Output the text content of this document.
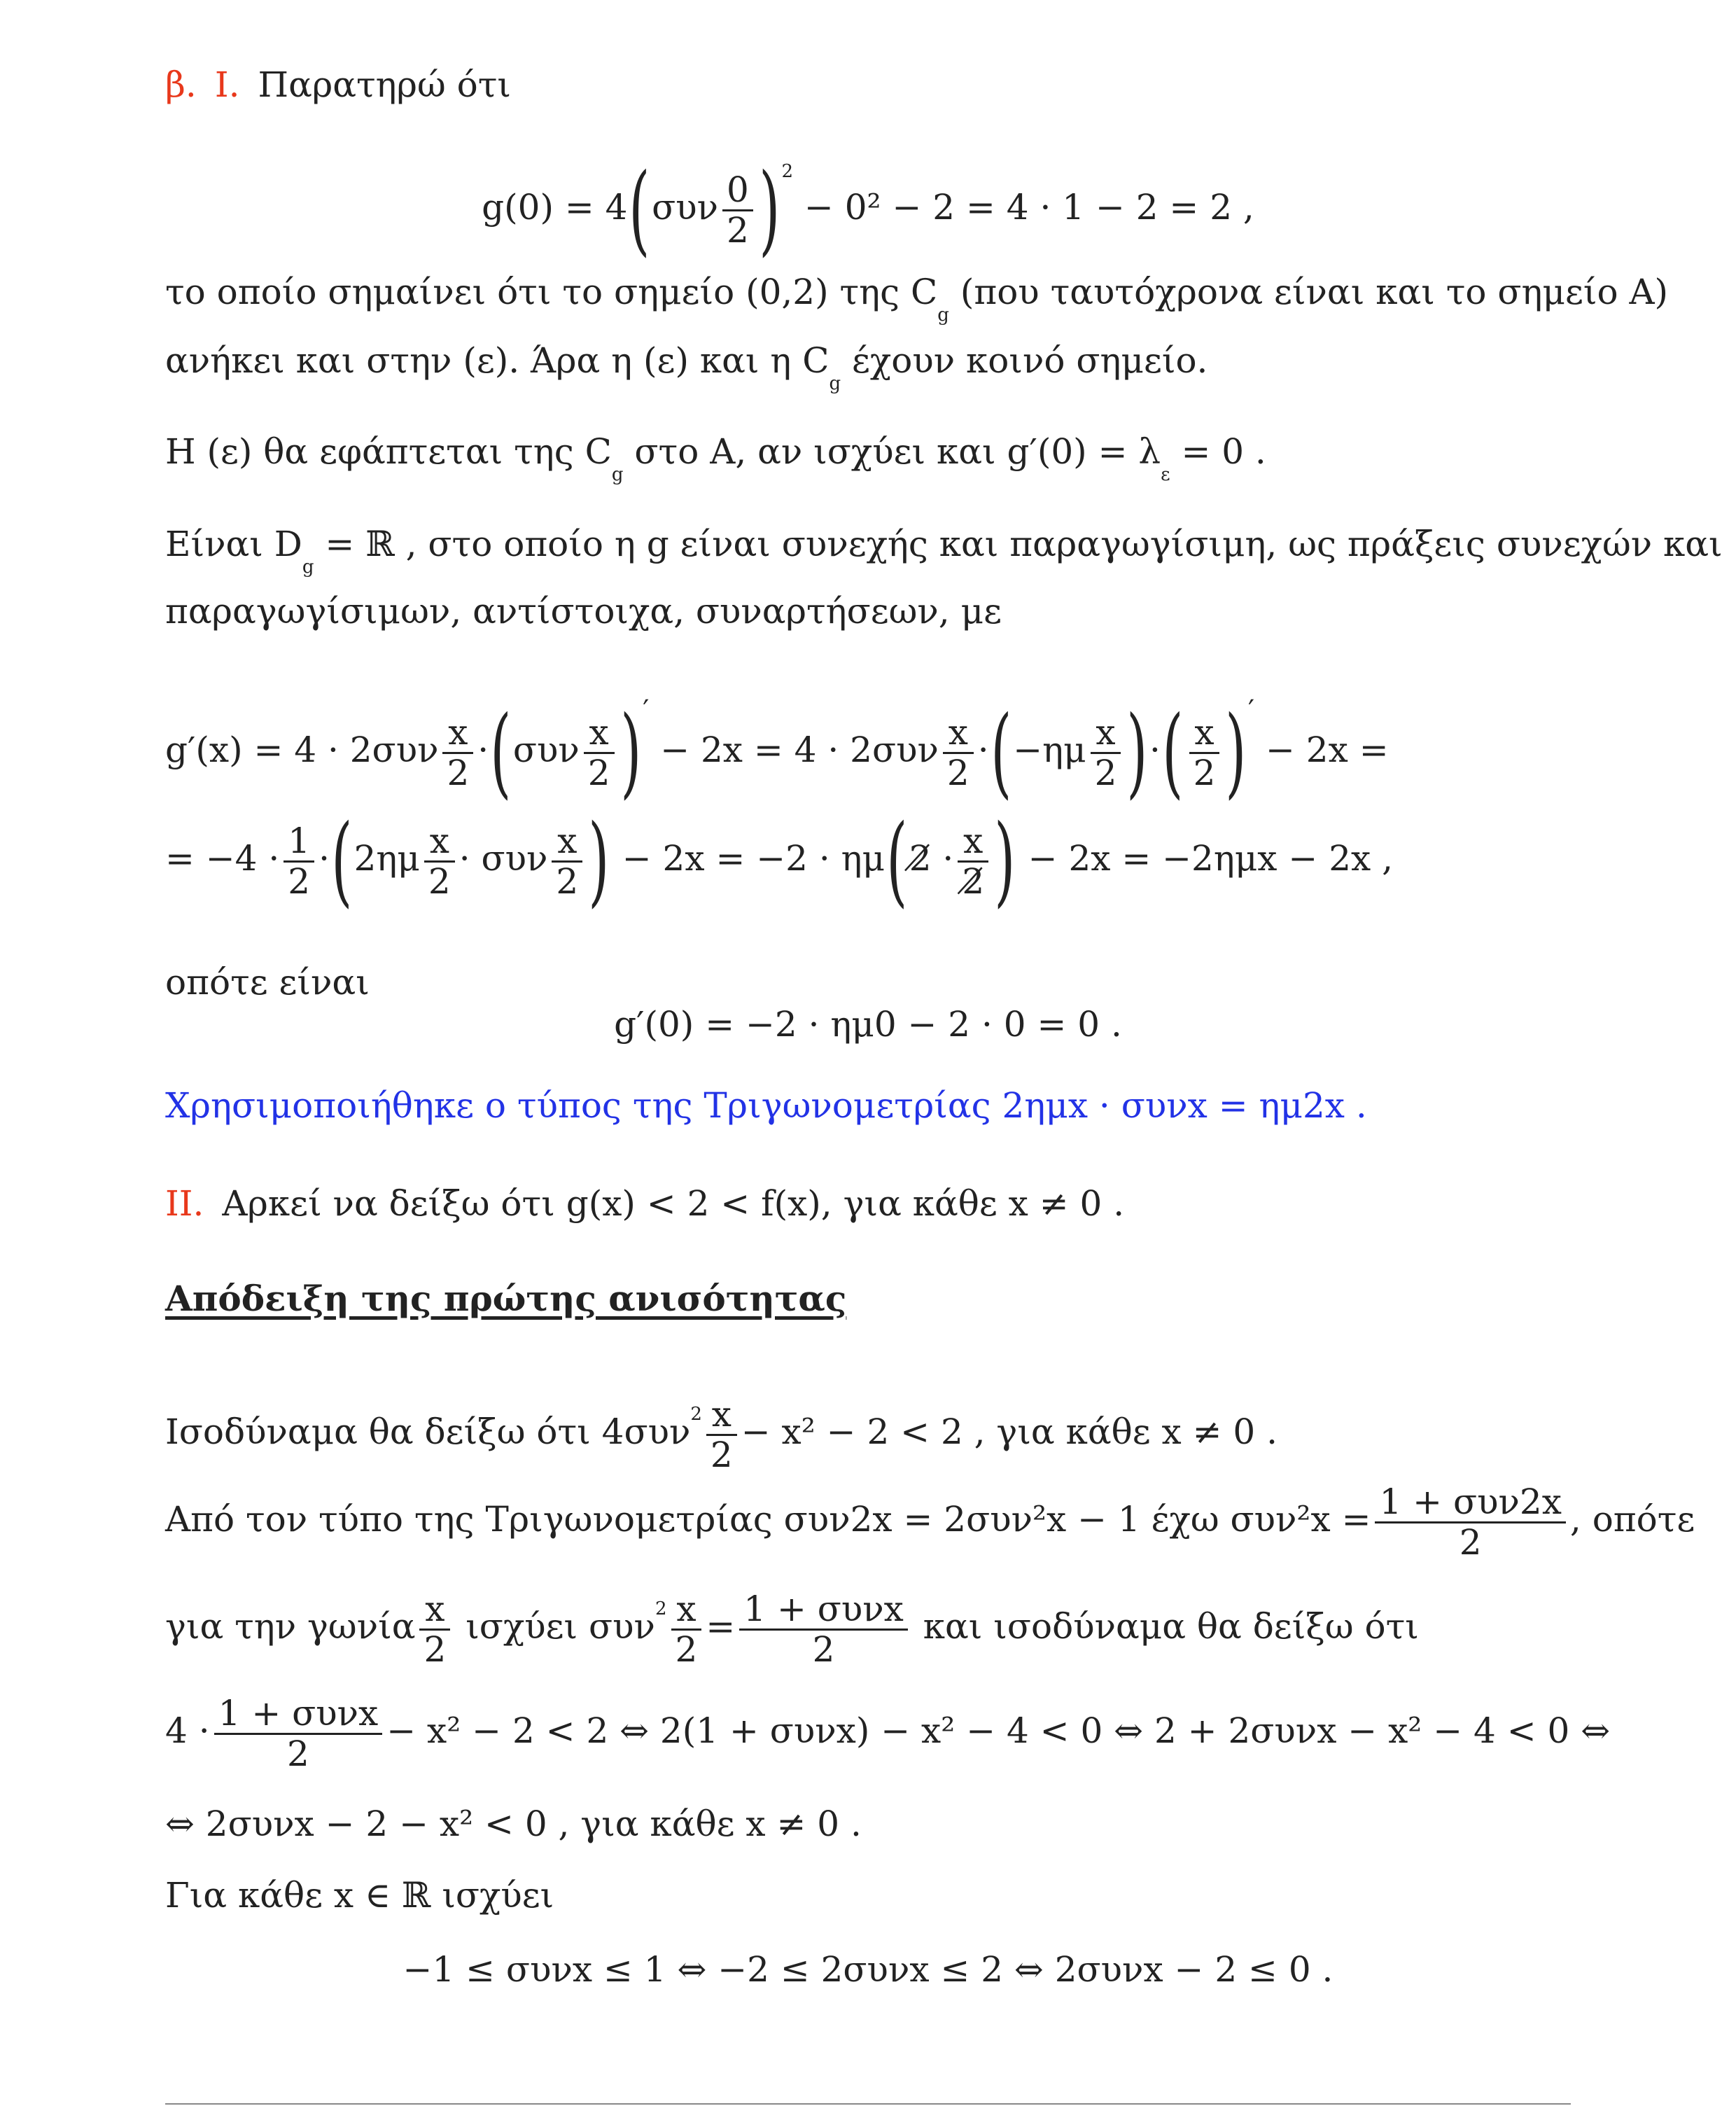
β. Ι. Παρατηρώ ότι
$g(0) = 4(\sigma\upsilon\nu \frac{0}{2} )^2 - 0^2 - 2 = 4 \cdot 1 - 2 = 2$ ,
το οποίο σημαίνει ότι το σημείο (0,2) της $C_g$ (που ταυτόχρονα είναι και το σημείο Α)
ανήκει και στην (ε). Άρα η (ε) και η $C_g$ έχουν κοινό σημείο.
Η (ε) θα εφάπτεται της $C_g$ στο Α, αν ισχύει και $g'(0) = \lambda_\varepsilon = 0$ .
Είναι $D_g$ = ℝ , στο οποίο η g είναι συνεχής και παραγωγίσιμη, ως πράξεις συνεχών και
παραγωγίσιμων, αντίστοιχα, συναρτήσεων, με
$g'(x) = 4 \cdot 2\sigma\upsilon\nu \frac{x}{2} \cdot(\sigma\upsilon\nu \frac{x}{2} )' - 2x = 4 \cdot 2\sigma\upsilon\nu \frac{x}{2} \cdot(-\eta\mu \frac{x}{2}$ )·( $\frac{x}{2} )' - 2x$ =
= $-4 \cdot \frac{1}{2} \cdot(2\eta\mu \frac{x}{2} \cdot \sigma\upsilon\nu \frac{x}{2}$ ) − 2x = −2 · ημ(2̸ · $\frac{x}{2̸}$ ) − 2x = −2ημx − 2x ,
οπότε είναι
g′(0) = −2 · ημ0 − 2 · 0 = 0 .
Χρησιμοποιήθηκε ο τύπος της Τριγωνομετρίας 2ημx · συνx = ημ2x .
ΙΙ. Αρκεί να δείξω ότι g(x) < 2 < f(x), για κάθε x ≠ 0 .
Απόδειξη της πρώτης ανισότητας
Ισοδύναμα θα δείξω ότι $4\sigma\upsilon\nu^2 \frac{x}{2} - x^2 - 2 < 2$ , για κάθε x ≠ 0 .
Από τον τύπο της Τριγωνομετρίας συν2x = 2συν²x − 1 έχω $\sigma\upsilon\nu^2x = \frac{\text{1 + συν2x}}{2}$ , οπότε
για την γωνία $\frac{x}{2}$ ισχύει $\sigma\upsilon\nu^2 \frac{x}{2} = \frac{\text{1 + συνx}}{2}$ και ισοδύναμα θα δείξω ότι
$4 \cdot \frac{\text{1 + συνx}}{2} - x^2 - 2 < 2$ ⇔ 2(1 + συνx) − x² − 4 < 0 ⇔ 2 + 2συνx − x² − 4 < 0 ⇔
⇔ 2συνx − 2 − x² < 0 , για κάθε x ≠ 0 .
Για κάθε x ∈ ℝ ισχύει
−1 ≤ συνx ≤ 1 ⇔ −2 ≤ 2συνx ≤ 2 ⇔ 2συνx − 2 ≤ 0 .
